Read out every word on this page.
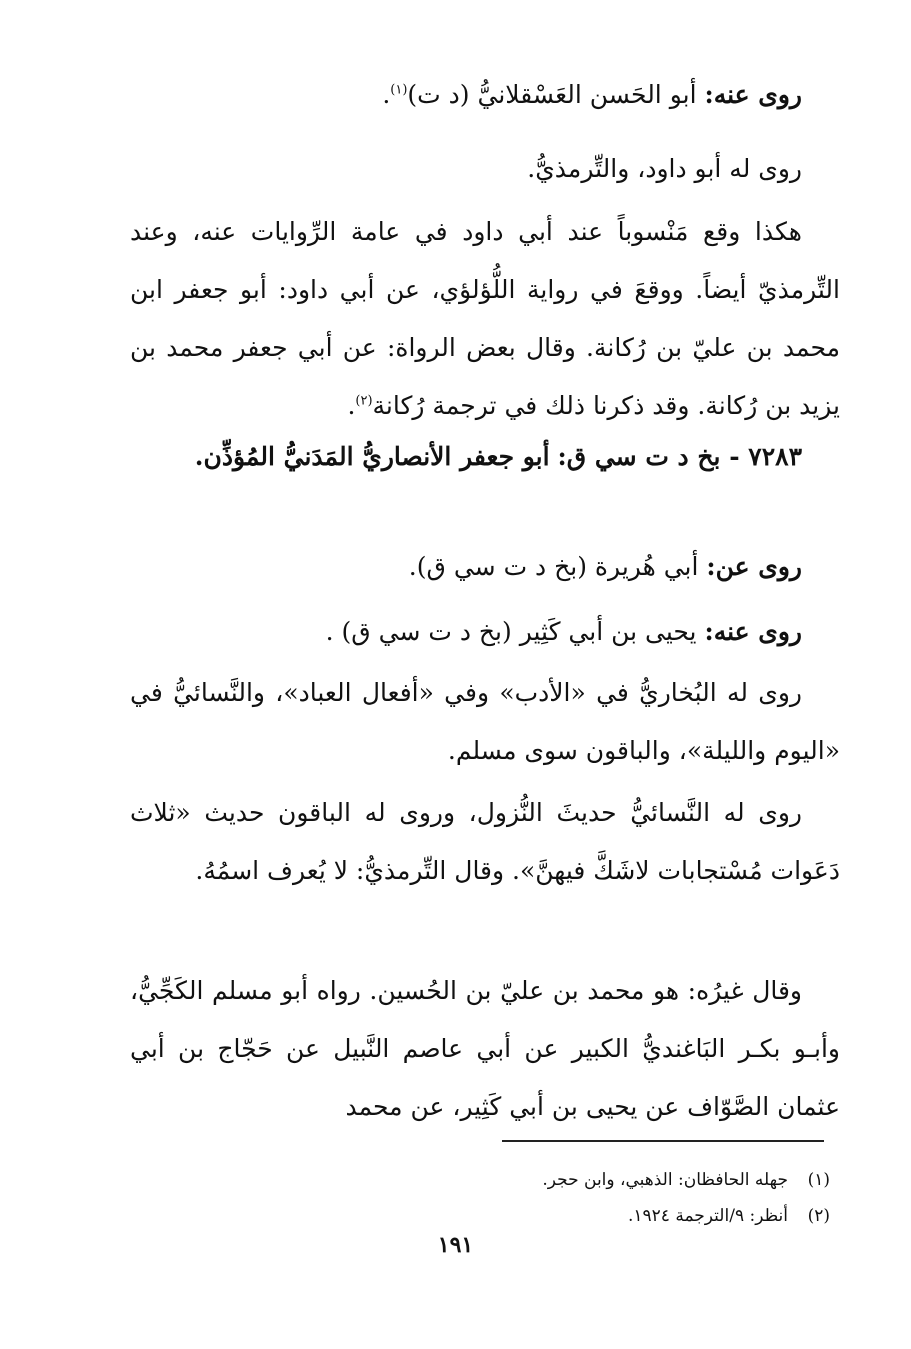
روى عنه: أبو الحَسن العَسْقلانيُّ (د ت)$^{(١)}$.

روى له أبو داود، والتِّرمذيُّ.

هكذا وقع مَنْسوباً عند أبي داود في عامة الرِّوايات عنه، وعند التِّرمذيّ أيضاً. ووقعَ في رواية اللُّؤلؤي، عن أبي داود: أبو جعفر ابن محمد بن عليّ بن رُكانة. وقال بعض الرواة: عن أبي جعفر محمد بن يزيد بن رُكانة. وقد ذكرنا ذلك في ترجمة رُكانة$^{(٢)}$.

٧٢٨٣ - بخ د ت سي ق: أبو جعفر الأنصاريُّ المَدَنيُّ المُؤذِّن.

روى عن: أبي هُريرة (بخ د ت سي ق).

روى عنه: يحيى بن أبي كَثِير (بخ د ت سي ق) .

روى له البُخاريُّ في «الأدب» وفي «أفعال العباد»، والنَّسائيُّ في «اليوم والليلة»، والباقون سوى مسلم.

روى له النَّسائيُّ حديثَ النُّزول، وروى له الباقون حديث «ثلاث دَعَوات مُسْتجابات لاشَكَّ فيهنَّ». وقال التِّرمذيُّ: لا يُعرف اسمُهُ.

وقال غيرُه: هو محمد بن عليّ بن الحُسين. رواه أبو مسلم الكَجِّيُّ، وأبـو بكـر البَاغنديُّ الكبير عن أبي عاصم النَّبيل عن حَجّاج بن أبي عثمان الصَّوّاف عن يحيى بن أبي كَثِير، عن محمد

(١)جهله الحافظان: الذهبي، وابن حجر.
(٢)أنظر: ٩/الترجمة ١٩٢٤.
١٩١
